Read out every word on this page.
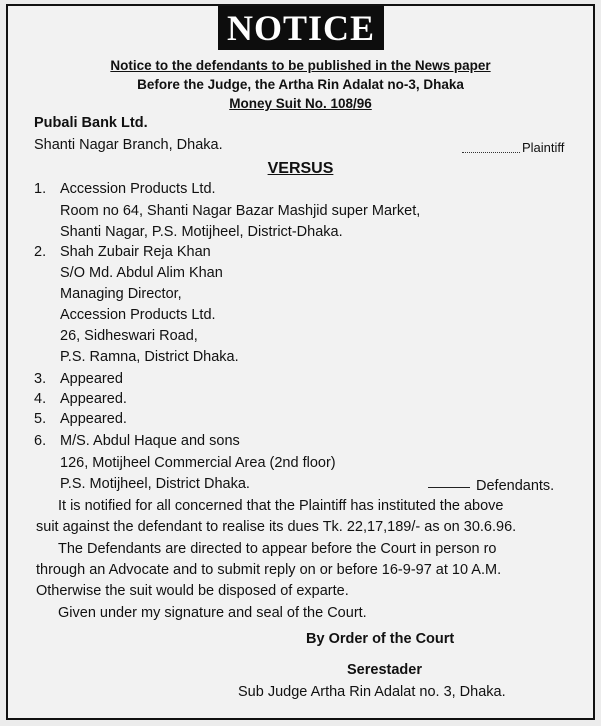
NOTICE
Notice to the defendants to be published in the News paper
Before the Judge, the Artha Rin Adalat no-3, Dhaka
Money Suit No. 108/96
Pubali Bank Ltd.
Shanti Nagar Branch, Dhaka.	Plaintiff
VERSUS
1. Accession Products Ltd.
Room no 64, Shanti Nagar Bazar Mashjid super Market,
Shanti Nagar, P.S. Motijheel, District-Dhaka.
2. Shah Zubair Reja Khan
S/O Md. Abdul Alim Khan
Managing Director,
Accession Products Ltd.
26, Sidheswari Road,
P.S. Ramna, District Dhaka.
3. Appeared
4. Appeared.
5. Appeared.
6. M/S. Abdul Haque and sons
126, Motijheel Commercial Area (2nd floor)
P.S. Motijheel, District Dhaka.	Defendants.
It is notified for all concerned that the Plaintiff has instituted the above
suit against the defendant to realise its dues Tk. 22,17,189/- as on 30.6.96.
The Defendants are directed to appear before the Court in person ro
through an Advocate and to submit reply on or before 16-9-97 at 10 A.M.
Otherwise the suit would be disposed of exparte.
Given under my signature and seal of the Court.
By Order of the Court
Serestader
Sub Judge Artha Rin Adalat no. 3, Dhaka.
